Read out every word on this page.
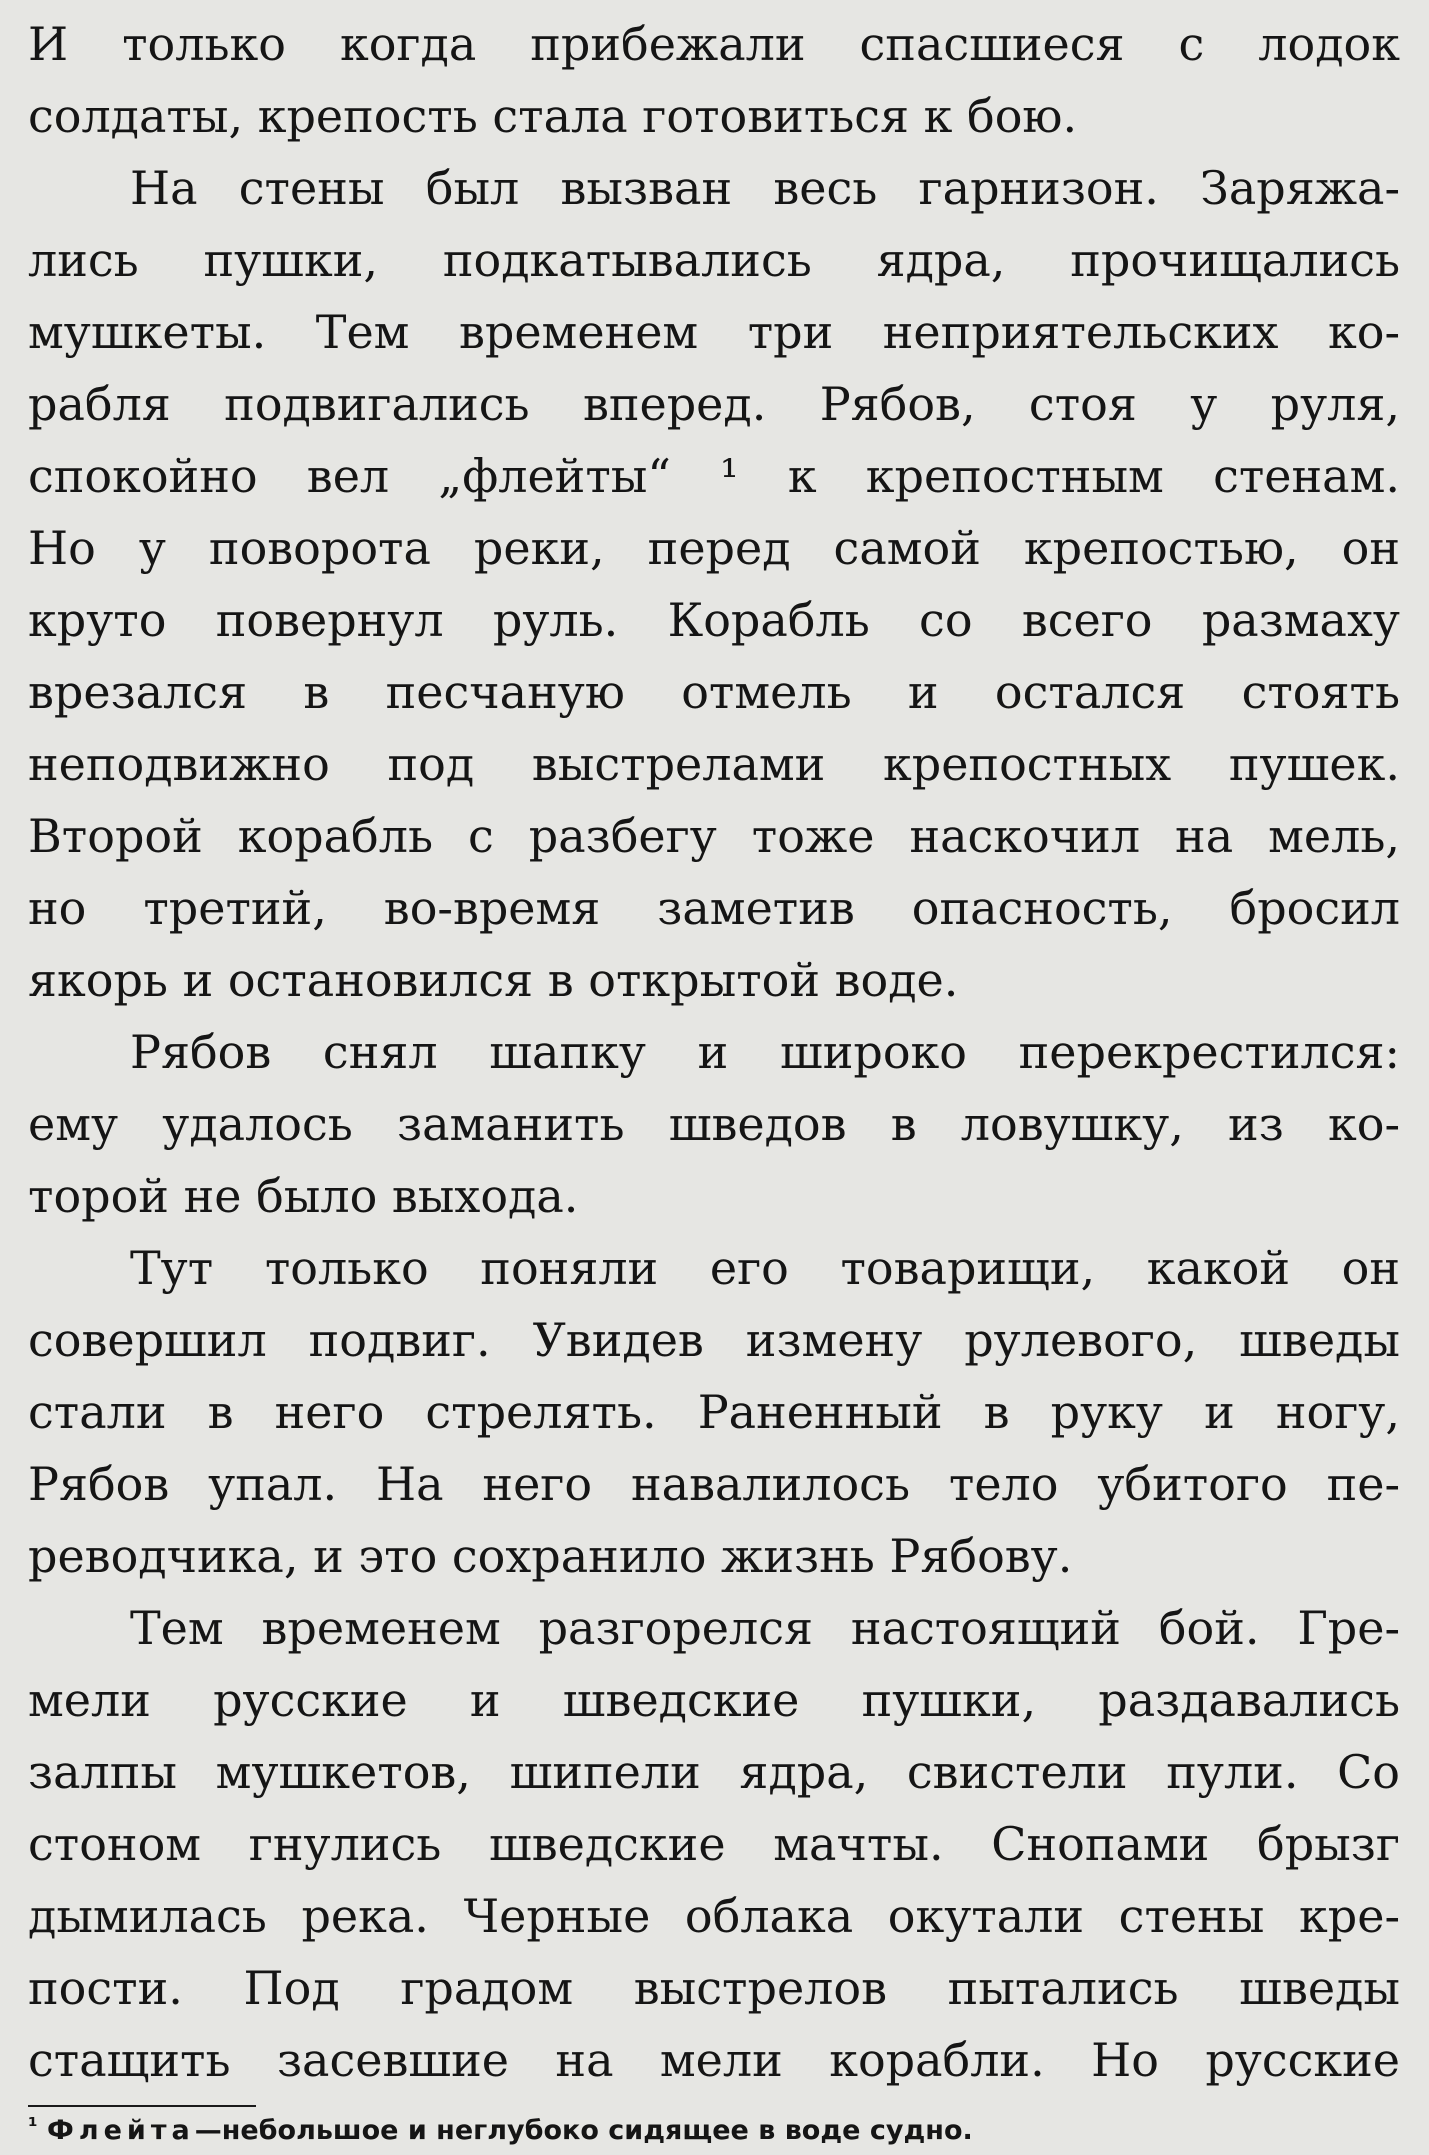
И только когда прибежали спасшиеся с лодок
солдаты, крепость стала готовиться к бою.
На стены был вызван весь гарнизон. Заряжа-
лись пушки, подкатывались ядра, прочищались
мушкеты. Тем временем три неприятельских ко-
рабля подвигались вперед. Рябов, стоя у руля,
спокойно вел „флейты“ ¹ к крепостным стенам.
Но у поворота реки, перед самой крепостью, он
круто повернул руль. Корабль со всего размаху
врезался в песчаную отмель и остался стоять
неподвижно под выстрелами крепостных пушек.
Второй корабль с разбегу тоже наскочил на мель,
но третий, во-время заметив опасность, бросил
якорь и остановился в открытой воде.
Рябов снял шапку и широко перекрестился:
ему удалось заманить шведов в ловушку, из ко-
торой не было выхода.
Тут только поняли его товарищи, какой он
совершил подвиг. Увидев измену рулевого, шведы
стали в него стрелять. Раненный в руку и ногу,
Рябов упал. На него навалилось тело убитого пе-
реводчика, и это сохранило жизнь Рябову.
Тем временем разгорелся настоящий бой. Гре-
мели русские и шведские пушки, раздавались
залпы мушкетов, шипели ядра, свистели пули. Со
стоном гнулись шведские мачты. Снопами брызг
дымилась река. Черные облака окутали стены кре-
пости. Под градом выстрелов пытались шведы
стащить засевшие на мели корабли. Но русские
$^{^1}$ Флейта—небольшое и неглубоко сидящее в воде судно.
